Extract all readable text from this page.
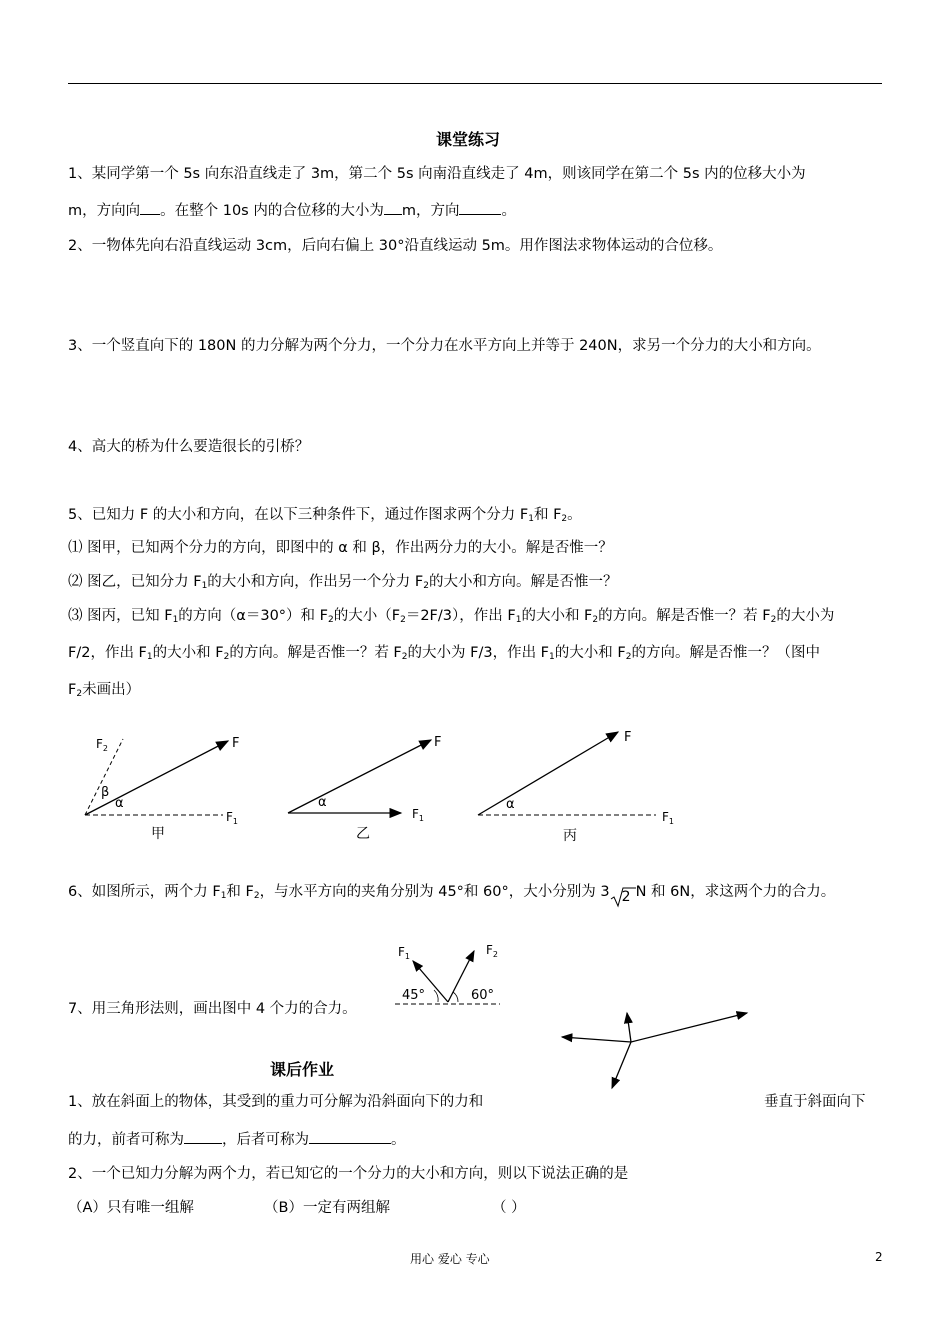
课堂练习
1、某同学第一个 5s 向东沿直线走了 3m，第二个 5s 向南沿直线走了 4m，则该同学在第二个 5s 内的位移大小为
m，方向向 。在整个 10s 内的合位移的大小为 m，方向	。
2、一物体先向右沿直线运动 3cm，后向右偏上 30°沿直线运动 5m。用作图法求物体运动的合位移。
3、一个竖直向下的 180N 的力分解为两个分力，一个分力在水平方向上并等于 240N，求另一个分力的大小和方向。
4、高大的桥为什么要造很长的引桥？
5、已知力 F 的大小和方向，在以下三种条件下，通过作图求两个分力 $F_1$和 $F_2$。
⑴ 图甲，已知两个分力的方向，即图中的 α 和 β，作出两分力的大小。解是否惟一？
⑵ 图乙，已知分力 $F_1$的大小和方向，作出另一个分力 $F_2$的大小和方向。解是否惟一？
⑶ 图丙，已知 $F_1$的方向（α＝30°）和 $F_2$的大小$(F_2=2F/3)$，作出 $F_1$的大小和 $F_2$的方向。解是否惟一？若 $F_2$的大小为
F/2，作出 $F_1$的大小和 $F_2$的方向。解是否惟一？若 $F_2$的大小为 F/3，作出 $F_1$的大小和 $F_2$的方向。解是否惟一？（图中
$F_2$未画出）
F
$F_2$
$F_1$
β
α
甲
F
$F_1$
α
乙
F
$F_1$
α
丙
6、如图所示，两个力 $F_1$和 $F_2$，与水平方向的夹角分别为 45°和 60°，大小分别为 3 2 N 和 6N，求这两个力的合力。
$F_1$	$F_2$
45°	60°
7、用三角形法则，画出图中 4 个力的合力。
课后作业
1、放在斜面上的物体，其受到的重力可分解为沿斜面向下的力和	垂直于斜面向下
的力，前者可称为	，后者可称为	。
2、一个已知力分解为两个力，若已知它的一个分力的大小和方向，则以下说法正确的是
（A）只有唯一组解	（B）一定有两组解	（ ）
用心 爱心 专心	2
